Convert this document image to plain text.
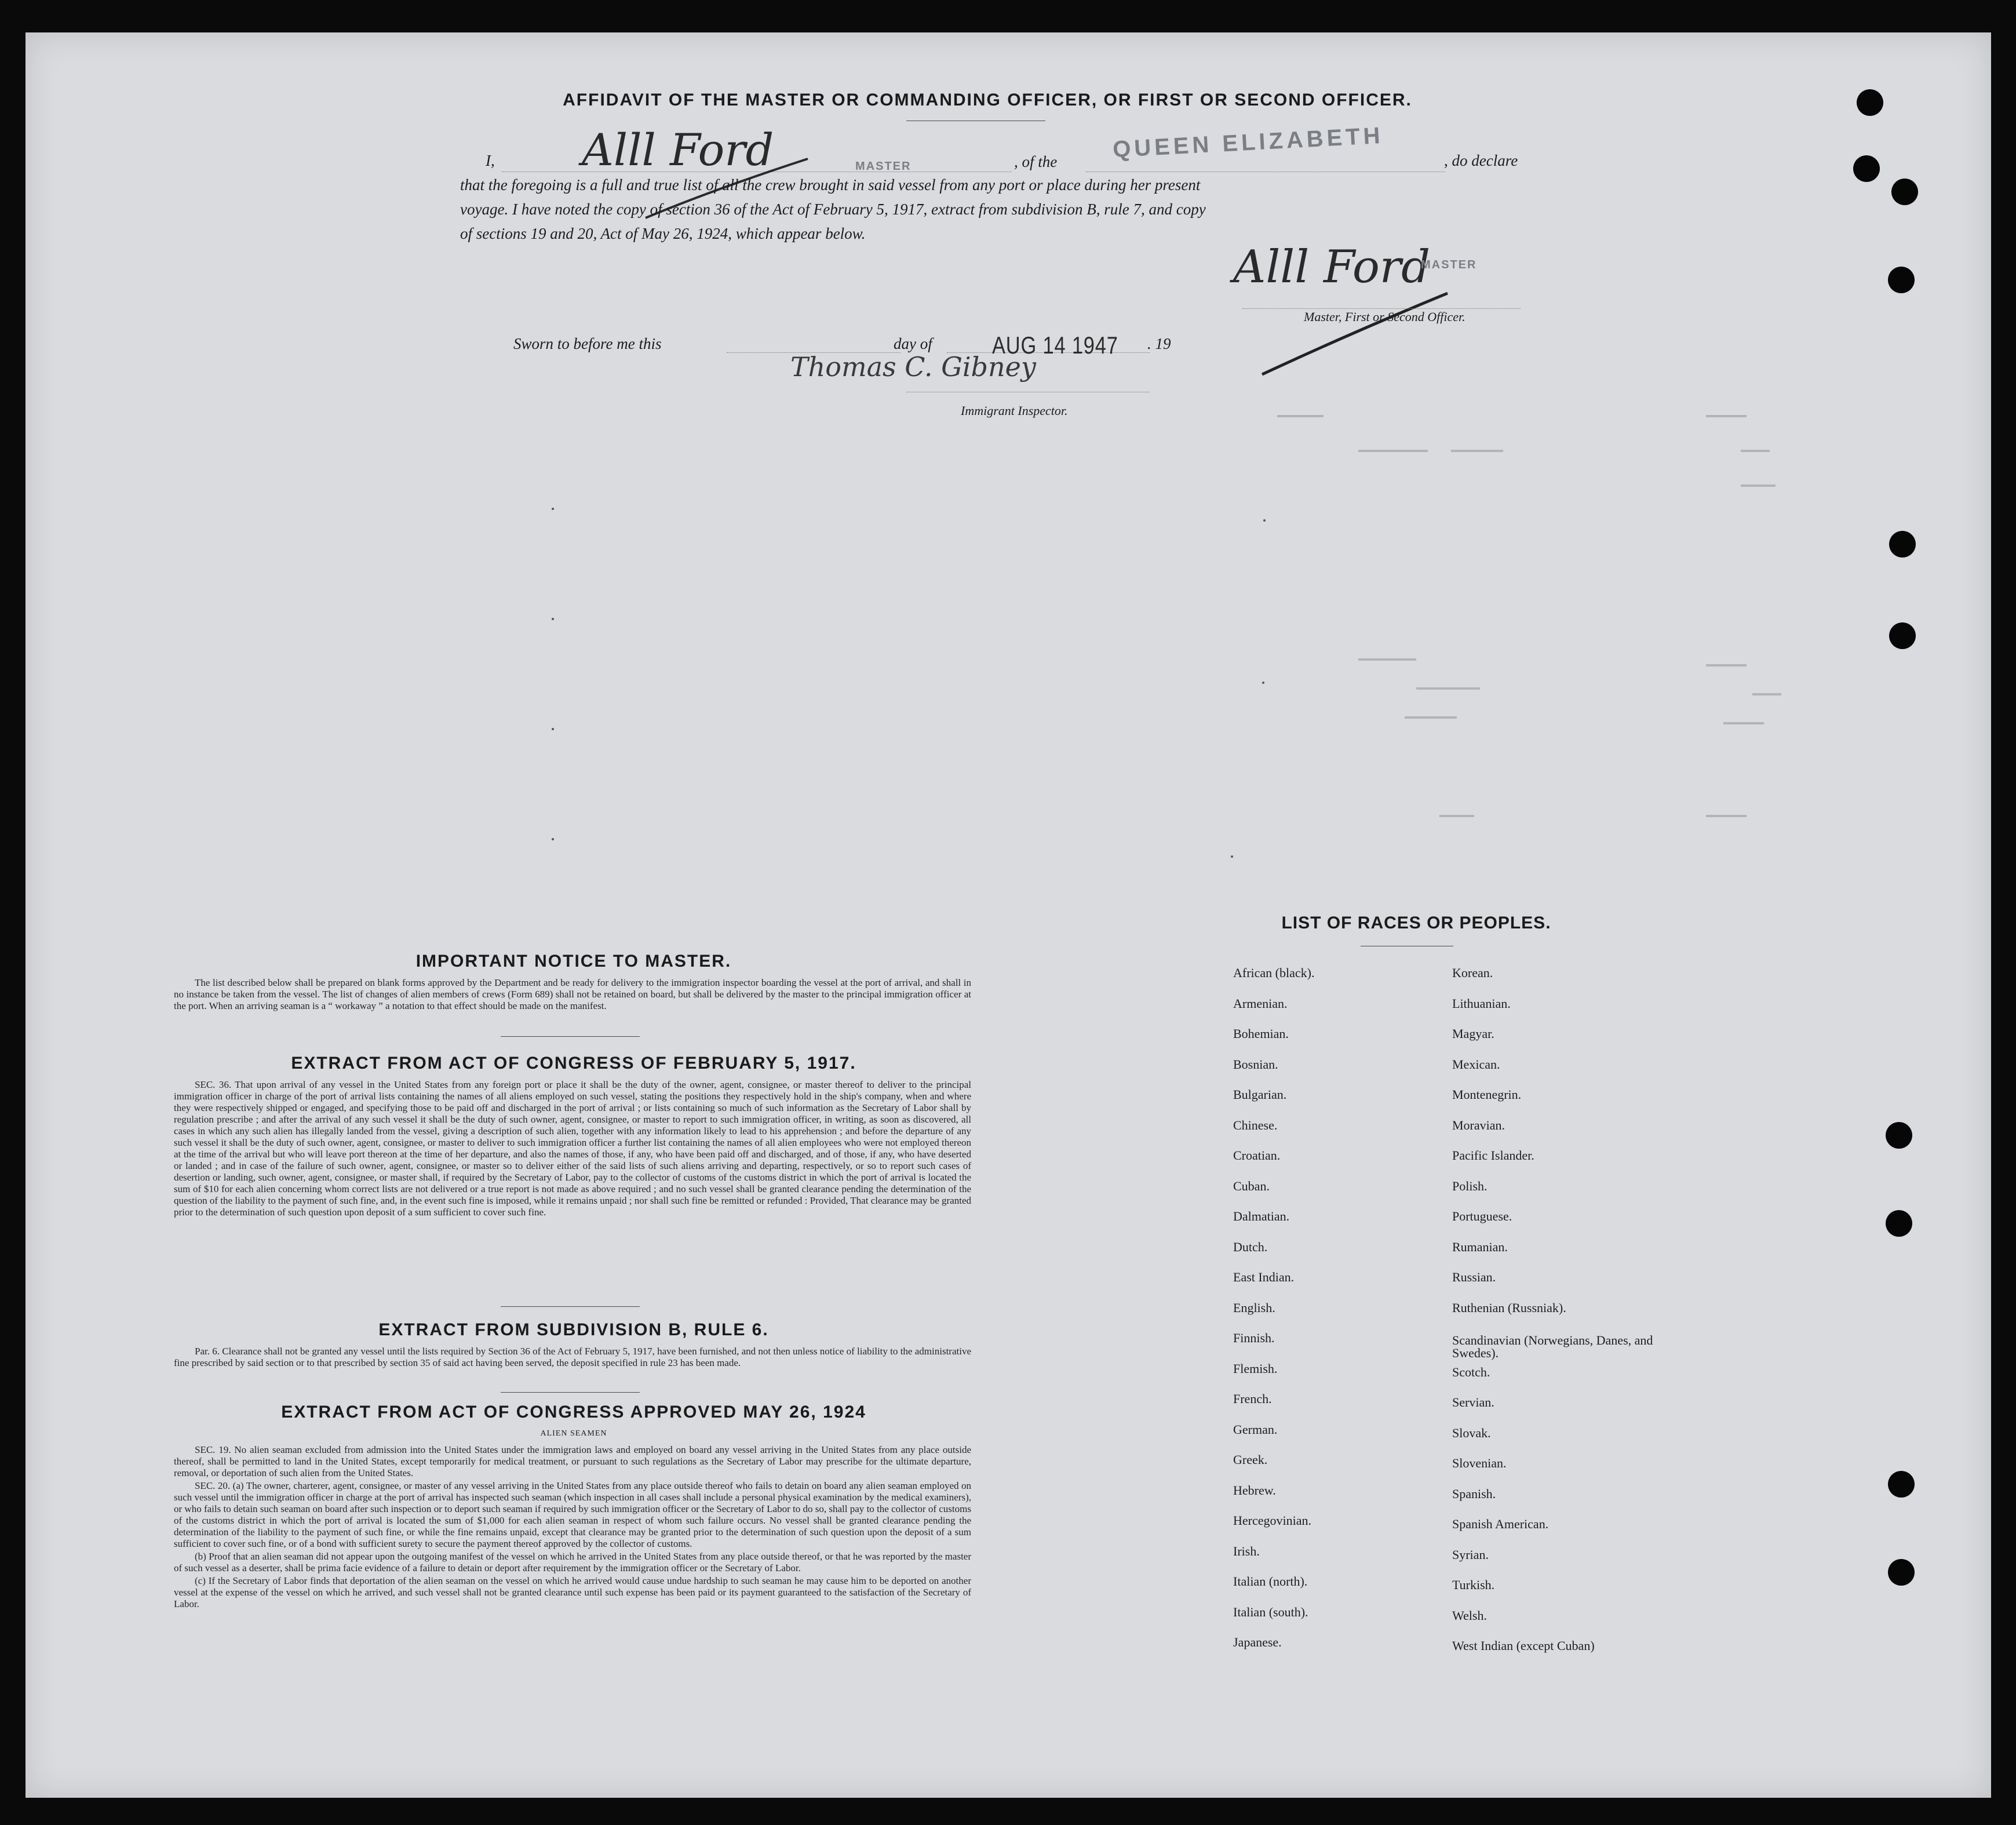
AFFIDAVIT OF THE MASTER OR COMMANDING OFFICER, OR FIRST OR SECOND OFFICER.
I, Alll Ford	MASTER	, of the QUEEN ELIZABETH	, do declare
that the foregoing is a full and true list of all the crew brought in said vessel from any port or place during her present
voyage. I have noted the copy of section 36 of the Act of February 5, 1917, extract from subdivision B, rule 7, and copy
of sections 19 and 20, Act of May 26, 1924, which appear below.
Alll Ford
MASTER
Master, First or Second Officer.
Sworn to before me this	day of AUG 14 1947 . 19
Thomas C. Gibney
Immigrant Inspector.
IMPORTANT NOTICE TO MASTER.

The list described below shall be prepared on blank forms approved by the Department and be ready for delivery to the immigration inspector boarding the vessel at the port of arrival, and shall in no instance be taken from the vessel. The list of changes of alien members of crews (Form 689) shall not be retained on board, but shall be delivered by the master to the principal immigration officer at the port. When an arriving seaman is a “ workaway ” a notation to that effect should be made on the manifest.

EXTRACT FROM ACT OF CONGRESS OF FEBRUARY 5, 1917.

SEC. 36. That upon arrival of any vessel in the United States from any foreign port or place it shall be the duty of the owner, agent, consignee, or master thereof to deliver to the principal immigration officer in charge of the port of arrival lists containing the names of all aliens employed on such vessel, stating the positions they respectively hold in the ship's company, when and where they were respectively shipped or engaged, and specifying those to be paid off and discharged in the port of arrival ; or lists containing so much of such information as the Secretary of Labor shall by regulation prescribe ; and after the arrival of any such vessel it shall be the duty of such owner, agent, consignee, or master to report to such immigration officer, in writing, as soon as discovered, all cases in which any such alien has illegally landed from the vessel, giving a description of such alien, together with any information likely to lead to his apprehension ; and before the departure of any such vessel it shall be the duty of such owner, agent, consignee, or master to deliver to such immigration officer a further list containing the names of all alien employees who were not employed thereon at the time of the arrival but who will leave port thereon at the time of her departure, and also the names of those, if any, who have been paid off and discharged, and of those, if any, who have deserted or landed ; and in case of the failure of such owner, agent, consignee, or master so to deliver either of the said lists of such aliens arriving and departing, respectively, or so to report such cases of desertion or landing, such owner, agent, consignee, or master shall, if required by the Secretary of Labor, pay to the collector of customs of the customs district in which the port of arrival is located the sum of $10 for each alien concerning whom correct lists are not delivered or a true report is not made as above required ; and no such vessel shall be granted clearance pending the determination of the question of the liability to the payment of such fine, and, in the event such fine is imposed, while it remains unpaid ; nor shall such fine be remitted or refunded : Provided, That clearance may be granted prior to the determination of such question upon deposit of a sum sufficient to cover such fine.

EXTRACT FROM SUBDIVISION B, RULE 6.

Par. 6. Clearance shall not be granted any vessel until the lists required by Section 36 of the Act of February 5, 1917, have been furnished, and not then unless notice of liability to the administrative fine prescribed by said section or to that prescribed by section 35 of said act having been served, the deposit specified in rule 23 has been made.

EXTRACT FROM ACT OF CONGRESS APPROVED MAY 26, 1924
ALIEN SEAMEN

SEC. 19. No alien seaman excluded from admission into the United States under the immigration laws and employed on board any vessel arriving in the United States from any place outside thereof, shall be permitted to land in the United States, except temporarily for medical treatment, or pursuant to such regulations as the Secretary of Labor may prescribe for the ultimate departure, removal, or deportation of such alien from the United States.

SEC. 20. (a) The owner, charterer, agent, consignee, or master of any vessel arriving in the United States from any place outside thereof who fails to detain on board any alien seaman employed on such vessel until the immigration officer in charge at the port of arrival has inspected such seaman (which inspection in all cases shall include a personal physical examination by the medical examiners), or who fails to detain such seaman on board after such inspection or to deport such seaman if required by such immigration officer or the Secretary of Labor to do so, shall pay to the collector of customs of the customs district in which the port of arrival is located the sum of $1,000 for each alien seaman in respect of whom such failure occurs. No vessel shall be granted clearance pending the determination of the liability to the payment of such fine, or while the fine remains unpaid, except that clearance may be granted prior to the determination of such question upon the deposit of a sum sufficient to cover such fine, or of a bond with sufficient surety to secure the payment thereof approved by the collector of customs.

(b) Proof that an alien seaman did not appear upon the outgoing manifest of the vessel on which he arrived in the United States from any place outside thereof, or that he was reported by the master of such vessel as a deserter, shall be prima facie evidence of a failure to detain or deport after requirement by the immigration officer or the Secretary of Labor.

(c) If the Secretary of Labor finds that deportation of the alien seaman on the vessel on which he arrived would cause undue hardship to such seaman he may cause him to be deported on another vessel at the expense of the vessel on which he arrived, and such vessel shall not be granted clearance until such expense has been paid or its payment guaranteed to the satisfaction of the Secretary of Labor.

LIST OF RACES OR PEOPLES.
African (black).
Armenian.
Bohemian.
Bosnian.
Bulgarian.
Chinese.
Croatian.
Cuban.
Dalmatian.
Dutch.
East Indian.
English.
Finnish.
Flemish.
French.
German.
Greek.
Hebrew.
Hercegovinian.
Irish.
Italian (north).
Italian (south).
Japanese.
Korean.
Lithuanian.
Magyar.
Mexican.
Montenegrin.
Moravian.
Pacific Islander.
Polish.
Portuguese.
Rumanian.
Russian.
Ruthenian (Russniak).
Scandinavian (Norwegians, Danes, and Swedes).
Scotch.
Servian.
Slovak.
Slovenian.
Spanish.
Spanish American.
Syrian.
Turkish.
Welsh.
West Indian (except Cuban)
